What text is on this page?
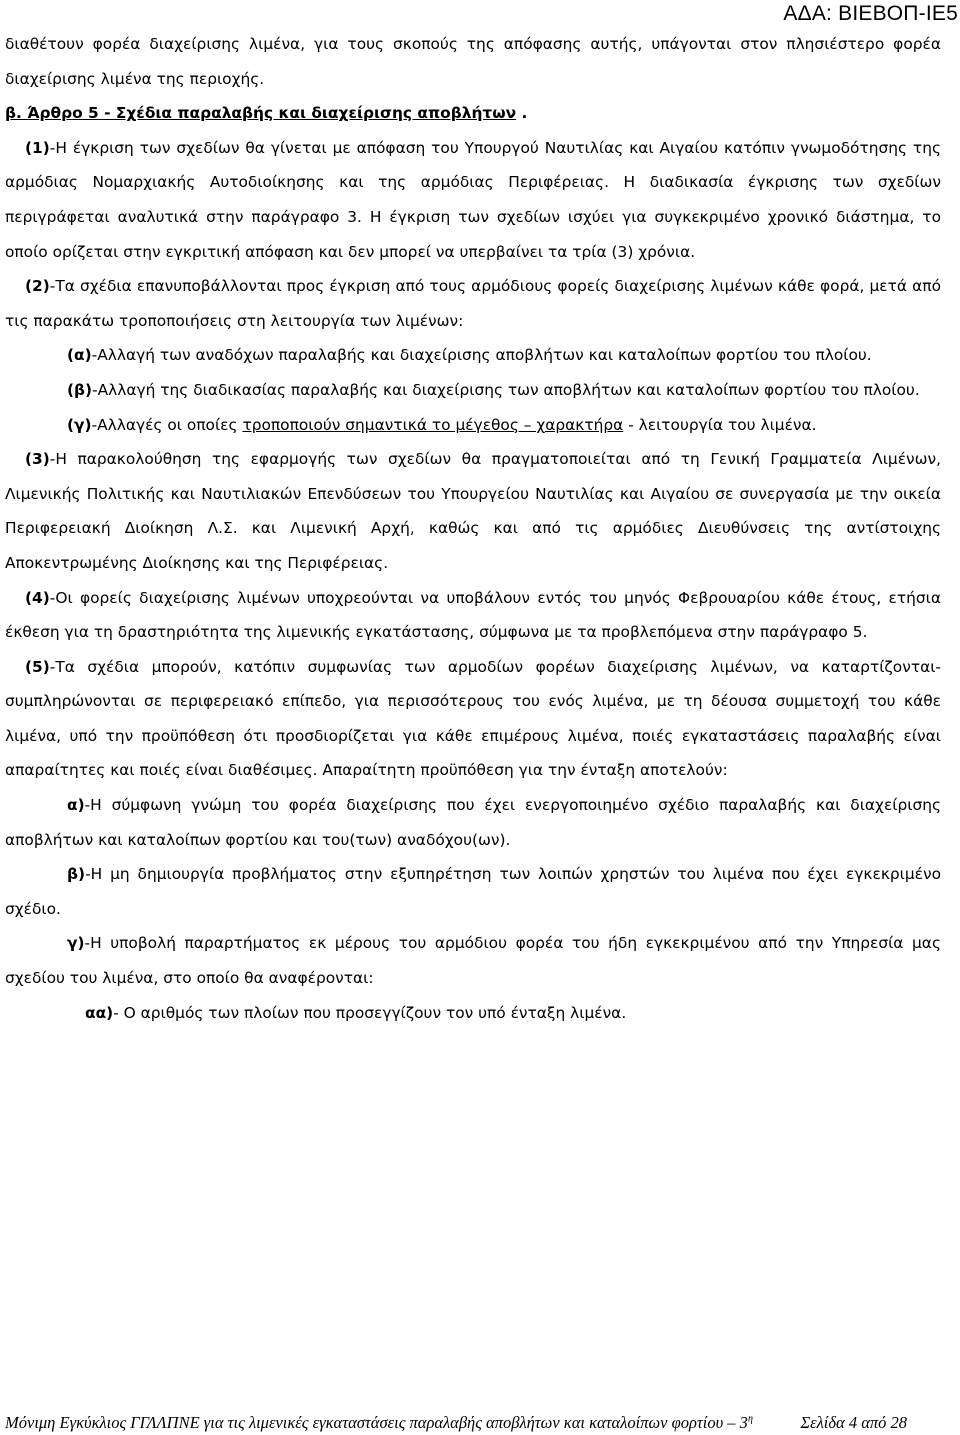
ΑΔΑ: ΒΙΕΒΟΠ-ΙΕ5

διαθέτουν φορέα διαχείρισης λιμένα, για τους σκοπούς της απόφασης αυτής, υπάγονται στον πλησιέστερο φορέα διαχείρισης λιμένα της περιοχής.

β. Άρθρο 5 - Σχέδια παραλαβής και διαχείρισης αποβλήτων .

(1)-Η έγκριση των σχεδίων θα γίνεται με απόφαση του Υπουργού Ναυτιλίας και Αιγαίου κατόπιν γνωμοδότησης της αρμόδιας Νομαρχιακής Αυτοδιοίκησης και της αρμόδιας Περιφέρειας. Η διαδικασία έγκρισης των σχεδίων περιγράφεται αναλυτικά στην παράγραφο 3. Η έγκριση των σχεδίων ισχύει για συγκεκριμένο χρονικό διάστημα, το οποίο ορίζεται στην εγκριτική απόφαση και δεν μπορεί να υπερβαίνει τα τρία (3) χρόνια.

(2)-Τα σχέδια επανυποβάλλονται προς έγκριση από τους αρμόδιους φορείς διαχείρισης λιμένων κάθε φορά, μετά από τις παρακάτω τροποποιήσεις στη λειτουργία των λιμένων:

(α)-Αλλαγή των αναδόχων παραλαβής και διαχείρισης αποβλήτων και καταλοίπων φορτίου του πλοίου.

(β)-Αλλαγή της διαδικασίας παραλαβής και διαχείρισης των αποβλήτων και καταλοίπων φορτίου του πλοίου.

(γ)-Αλλαγές οι οποίες τροποποιούν σημαντικά το μέγεθος – χαρακτήρα - λειτουργία του λιμένα.

(3)-Η παρακολούθηση της εφαρμογής των σχεδίων θα πραγματοποιείται από τη Γενική Γραμματεία Λιμένων, Λιμενικής Πολιτικής και Ναυτιλιακών Επενδύσεων του Υπουργείου Ναυτιλίας και Αιγαίου σε συνεργασία με την οικεία Περιφερειακή Διοίκηση Λ.Σ. και Λιμενική Αρχή, καθώς και από τις αρμόδιες Διευθύνσεις της αντίστοιχης Αποκεντρωμένης Διοίκησης και της Περιφέρειας.

(4)-Οι φορείς διαχείρισης λιμένων υποχρεούνται να υποβάλουν εντός του μηνός Φεβρουαρίου κάθε έτους, ετήσια έκθεση για τη δραστηριότητα της λιμενικής εγκατάστασης, σύμφωνα με τα προβλεπόμενα στην παράγραφο 5.

(5)-Τα σχέδια μπορούν, κατόπιν συμφωνίας των αρμοδίων φορέων διαχείρισης λιμένων, να καταρτίζονται-συμπληρώνονται σε περιφερειακό επίπεδο, για περισσότερους του ενός λιμένα, με τη δέουσα συμμετοχή του κάθε λιμένα, υπό την προϋπόθεση ότι προσδιορίζεται για κάθε επιμέρους λιμένα, ποιές εγκαταστάσεις παραλαβής είναι απαραίτητες και ποιές είναι διαθέσιμες. Απαραίτητη προϋπόθεση για την ένταξη αποτελούν:

α)-Η σύμφωνη γνώμη του φορέα διαχείρισης που έχει ενεργοποιημένο σχέδιο παραλαβής και διαχείρισης αποβλήτων και καταλοίπων φορτίου και του(των) αναδόχου(ων).

β)-Η μη δημιουργία προβλήματος στην εξυπηρέτηση των λοιπών χρηστών του λιμένα που έχει εγκεκριμένο σχέδιο.

γ)-Η υποβολή παραρτήματος εκ μέρους του αρμόδιου φορέα του ήδη εγκεκριμένου από την Υπηρεσία μας σχεδίου του λιμένα, στο οποίο θα αναφέρονται:

αα)- Ο αριθμός των πλοίων που προσεγγίζουν τον υπό ένταξη λιμένα.

Μόνιμη Εγκύκλιος ΓΓΛΛΠΝΕ για τις λιμενικές εγκαταστάσεις παραλαβής αποβλήτων και καταλοίπων φορτίου – $3^\eta$	Σελίδα 4 από 28
